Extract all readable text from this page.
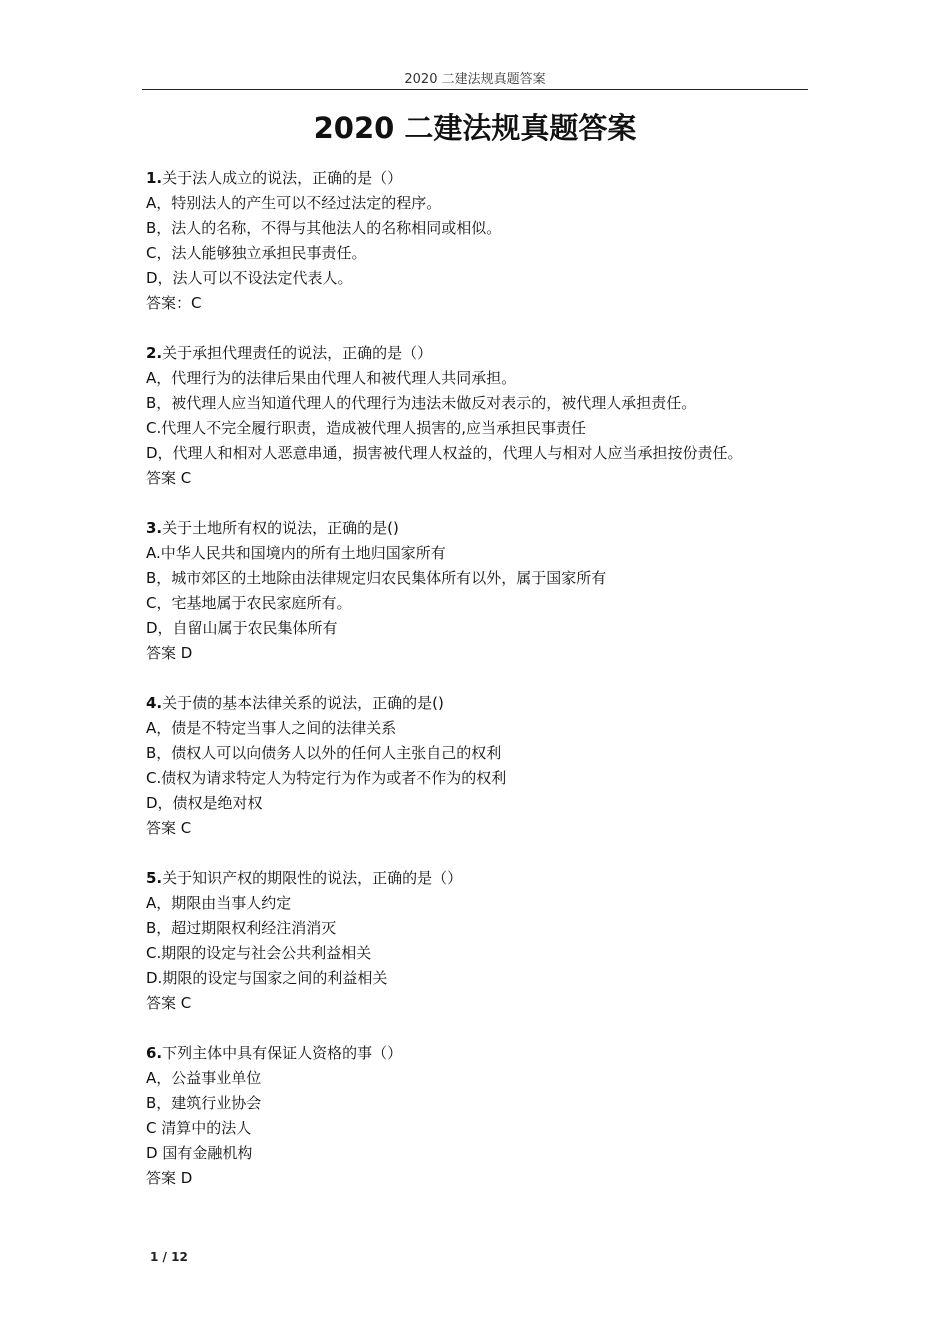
2020 二建法规真题答案
2020 二建法规真题答案
1.关于法人成立的说法，正确的是（）
A，特别法人的产生可以不经过法定的程序。
B，法人的名称，不得与其他法人的名称相同或相似。
C，法人能够独立承担民事责任。
D，法人可以不设法定代表人。
答案：C
2.关于承担代理责任的说法，正确的是（）
A，代理行为的法律后果由代理人和被代理人共同承担。
B，被代理人应当知道代理人的代理行为违法未做反对表示的，被代理人承担责任。
C.代理人不完全履行职责，造成被代理人损害的,应当承担民事责任
D，代理人和相对人恶意串通，损害被代理人权益的，代理人与相对人应当承担按份责任。
答案 C
3.关于土地所有权的说法，正确的是()
A.中华人民共和国境内的所有土地归国家所有
B，城市郊区的土地除由法律规定归农民集体所有以外，属于国家所有
C，宅基地属于农民家庭所有。
D，自留山属于农民集体所有
答案 D
4.关于债的基本法律关系的说法，正确的是()
A，债是不特定当事人之间的法律关系
B，债权人可以向债务人以外的任何人主张自己的权利
C.债权为请求特定人为特定行为作为或者不作为的权利
D，债权是绝对权
答案 C
5.关于知识产权的期限性的说法，正确的是（）
A，期限由当事人约定
B，超过期限权利经注消消灭
C.期限的设定与社会公共利益相关
D.期限的设定与国家之间的利益相关
答案 C
6.下列主体中具有保证人资格的事（）
A，公益事业单位
B，建筑行业协会
C 清算中的法人
D 国有金融机构
答案 D
1 / 12
